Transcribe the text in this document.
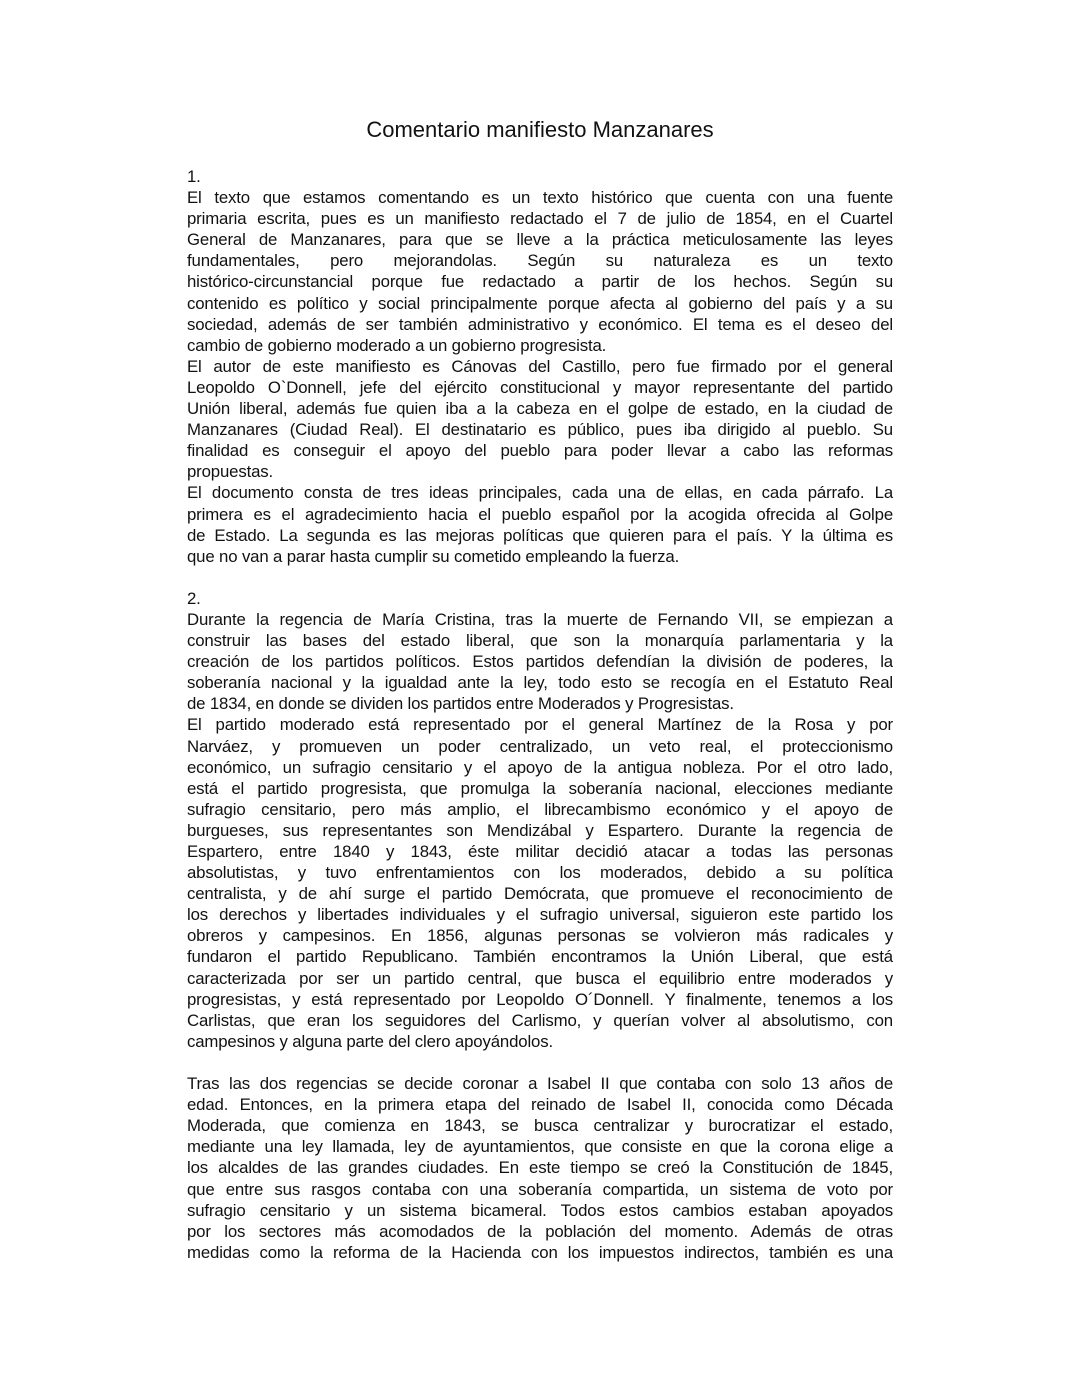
Comentario manifiesto Manzanares
1.
El texto que estamos comentando es un texto histórico que cuenta con una fuente
primaria escrita, pues es un manifiesto redactado el 7 de julio de 1854, en el Cuartel
General de Manzanares, para que se lleve a la práctica meticulosamente las leyes
fundamentales, pero mejorandolas. Según su naturaleza es un texto
histórico-circunstancial porque fue redactado a partir de los hechos. Según su
contenido es político y social principalmente porque afecta al gobierno del país y a su
sociedad, además de ser también administrativo y económico. El tema es el deseo del
cambio de gobierno moderado a un gobierno progresista.
El autor de este manifiesto es Cánovas del Castillo, pero fue firmado por el general
Leopoldo O`Donnell, jefe del ejército constitucional y mayor representante del partido
Unión liberal, además fue quien iba a la cabeza en el golpe de estado, en la ciudad de
Manzanares (Ciudad Real). El destinatario es público, pues iba dirigido al pueblo. Su
finalidad es conseguir el apoyo del pueblo para poder llevar a cabo las reformas
propuestas.
El documento consta de tres ideas principales, cada una de ellas, en cada párrafo. La
primera es el agradecimiento hacia el pueblo español por la acogida ofrecida al Golpe
de Estado. La segunda es las mejoras políticas que quieren para el país. Y la última es
que no van a parar hasta cumplir su cometido empleando la fuerza.

2.
Durante la regencia de María Cristina, tras la muerte de Fernando VII, se empiezan a
construir las bases del estado liberal, que son la monarquía parlamentaria y la
creación de los partidos políticos. Estos partidos defendían la división de poderes, la
soberanía nacional y la igualdad ante la ley, todo esto se recogía en el Estatuto Real
de 1834, en donde se dividen los partidos entre Moderados y Progresistas.
El partido moderado está representado por el general Martínez de la Rosa y por
Narváez, y promueven un poder centralizado, un veto real, el proteccionismo
económico, un sufragio censitario y el apoyo de la antigua nobleza. Por el otro lado,
está el partido progresista, que promulga la soberanía nacional, elecciones mediante
sufragio censitario, pero más amplio, el librecambismo económico y el apoyo de
burgueses, sus representantes son Mendizábal y Espartero. Durante la regencia de
Espartero, entre 1840 y 1843, éste militar decidió atacar a todas las personas
absolutistas, y tuvo enfrentamientos con los moderados, debido a su política
centralista, y de ahí surge el partido Demócrata, que promueve el reconocimiento de
los derechos y libertades individuales y el sufragio universal, siguieron este partido los
obreros y campesinos. En 1856, algunas personas se volvieron más radicales y
fundaron el partido Republicano. También encontramos la Unión Liberal, que está
caracterizada por ser un partido central, que busca el equilibrio entre moderados y
progresistas, y está representado por Leopoldo O´Donnell. Y finalmente, tenemos a los
Carlistas, que eran los seguidores del Carlismo, y querían volver al absolutismo, con
campesinos y alguna parte del clero apoyándolos.

Tras las dos regencias se decide coronar a Isabel II que contaba con solo 13 años de
edad. Entonces, en la primera etapa del reinado de Isabel II, conocida como Década
Moderada, que comienza en 1843, se busca centralizar y burocratizar el estado,
mediante una ley llamada, ley de ayuntamientos, que consiste en que la corona elige a
los alcaldes de las grandes ciudades. En este tiempo se creó la Constitución de 1845,
que entre sus rasgos contaba con una soberanía compartida, un sistema de voto por
sufragio censitario y un sistema bicameral. Todos estos cambios estaban apoyados
por los sectores más acomodados de la población del momento. Además de otras
medidas como la reforma de la Hacienda con los impuestos indirectos, también es una
